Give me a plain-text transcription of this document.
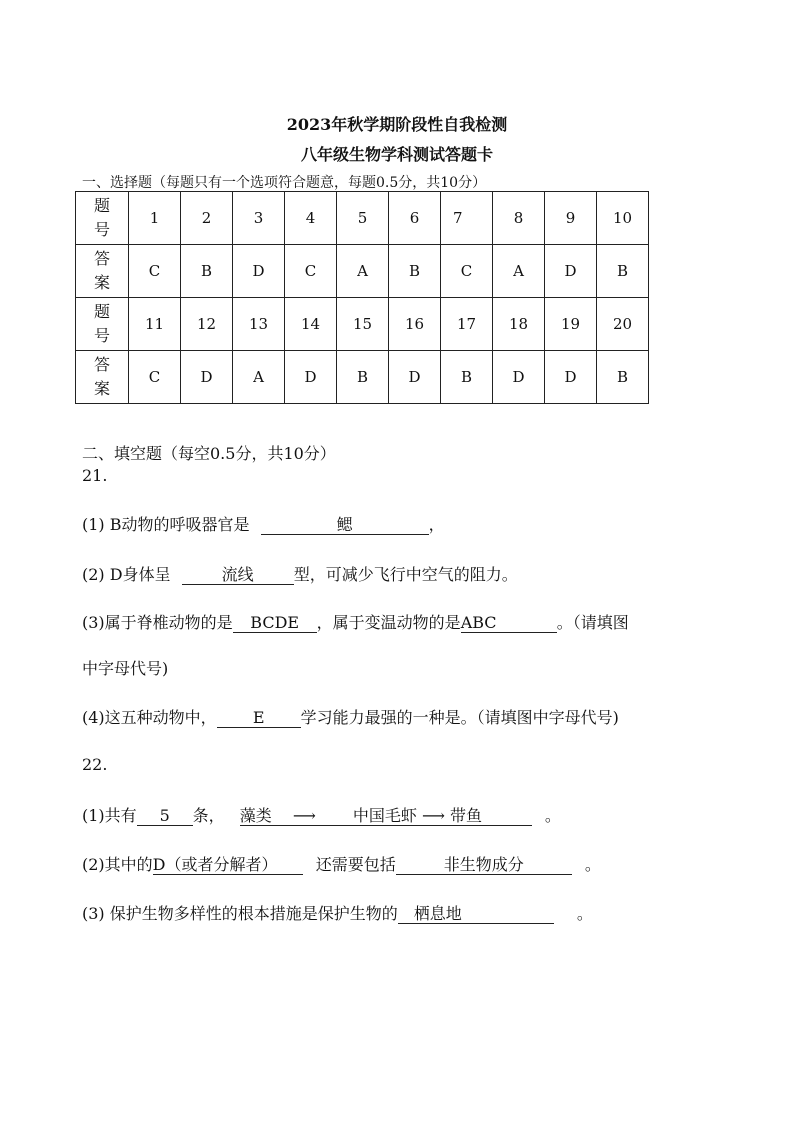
2023年秋学期阶段性自我检测
八年级生物学科测试答题卡
一、选择题（每题只有一个选项符合题意，每题0.5分，共10分）
题
号	1	2	3	4	5	6	7	8	9	10

答
案	C	B	D	C	A	B	C	A	D	B

题
号	11	12	13	14	15	16	17	18	19	20

答
案	C	D	A	D	B	D	B	D	D	B
二、填空题（每空0.5分，共10分）
21.
(1) B动物的呼吸器官是	鳃	，
(2) D身体呈	流线	型，可减少飞行中空气的阻力。
(3)属于脊椎动物的是 BCDE ，属于变温动物的是ABC	。（请填图
中字母代号)
(4)这五种动物中， E 学习能力最强的一种是。（请填图中字母代号)
22.
(1)共有 5 条， 藻类　 ⟶　　 中国毛虾 ⟶ 带鱼	。
(2)其中的D（或者分解者） 还需要包括	非生物成分	。
(3) 保护生物多样性的根本措施是保护生物的 栖息地	。
